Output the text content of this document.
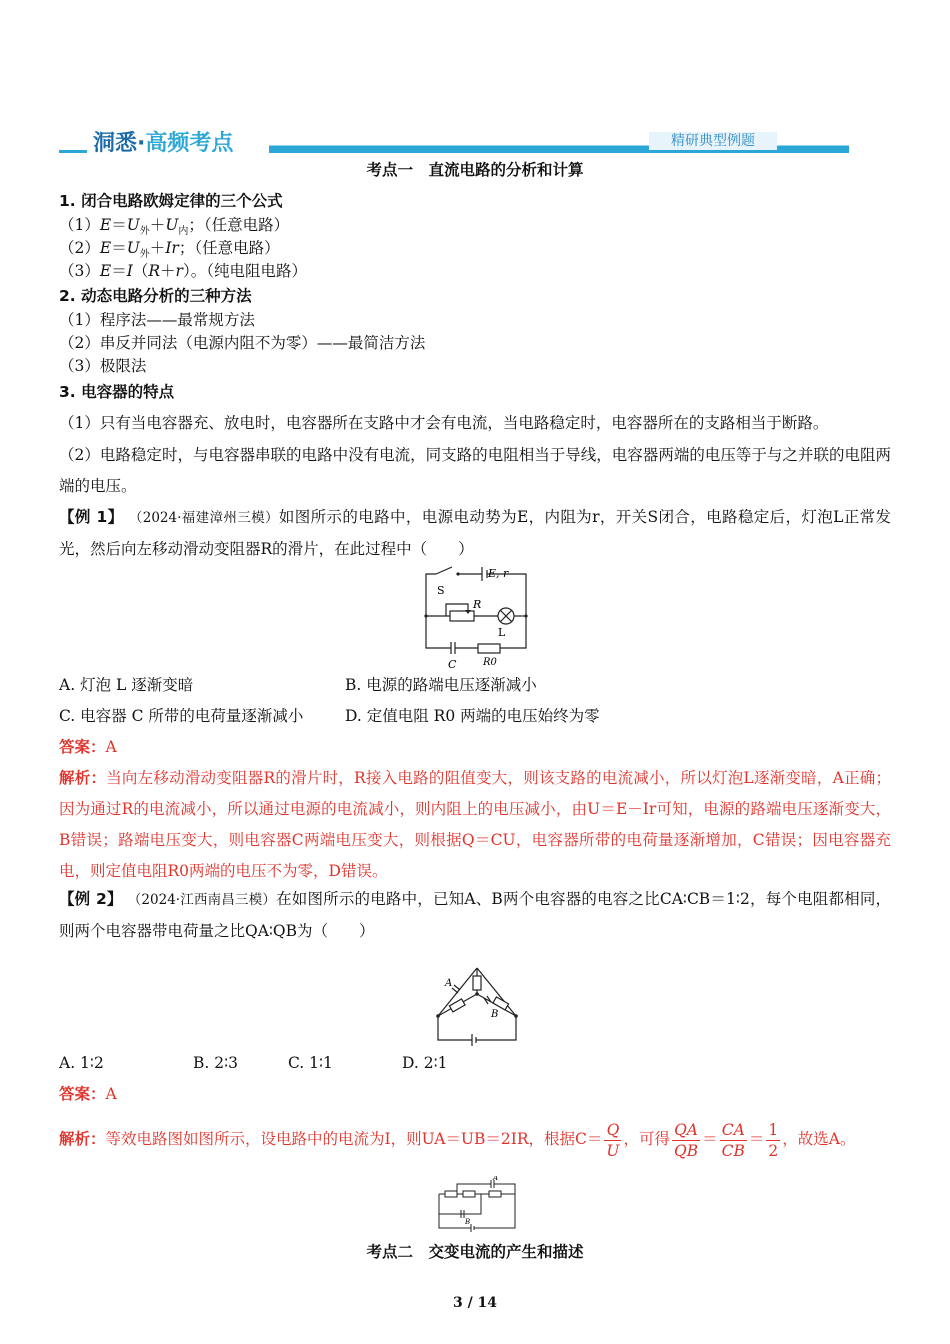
洞悉·高频考点	精研典型例题
考点一　直流电路的分析和计算
1. 闭合电路欧姆定律的三个公式
$(1)E=U_外+U_内$；（任意电路）
$(2)E=U_外+Ir$；（任意电路）
（3）E＝I（R＋r）。（纯电阻电路）
2. 动态电路分析的三种方法
（1）程序法——最常规方法
（2）串反并同法（电源内阻不为零）——最简洁方法
（3）极限法
3. 电容器的特点
（1）只有当电容器充、放电时，电容器所在支路中才会有电流，当电路稳定时，电容器所在的支路相当于断路。
（2）电路稳定时，与电容器串联的电路中没有电流，同支路的电阻相当于导线，电容器两端的电压等于与之并联的电阻两端的电压。
【例 1】 （2024·福建漳州三模）如图所示的电路中，电源电动势为E，内阻为r，开关S闭合，电路稳定后，灯泡L正常发光，然后向左移动滑动变阻器R的滑片，在此过程中（　　）
E, r
S
R
L
C	R0
A. 灯泡 L 逐渐变暗	B. 电源的路端电压逐渐减小
C. 电容器 C 所带的电荷量逐渐减小	D. 定值电阻 R0 两端的电压始终为零
答案：A
解析：当向左移动滑动变阻器R的滑片时，R接入电路的阻值变大，则该支路的电流减小，所以灯泡L逐渐变暗，A正确；因为通过R的电流减小，所以通过电源的电流减小，则内阻上的电压减小，由U＝E－Ir可知，电源的路端电压逐渐变大，B错误；路端电压变大，则电容器C两端电压变大，则根据Q＝CU，电容器所带的电荷量逐渐增加，C错误；因电容器充电，则定值电阻R0两端的电压不为零，D错误。
【例 2】 （2024·江西南昌三模）在如图所示的电路中，已知A、B两个电容器的电容之比CA∶CB＝1∶2，每个电阻都相同，则两个电容器带电荷量之比QA∶QB为（　　）
A
B
A. 1∶2	B. 2∶3	C. 1∶1	D. 2∶1
答案：A
解析：等效电路图如图所示，设电路中的电流为I，则UA＝UB＝2IR，根据$C= \frac{Q}{U}$ ，可得 $\frac{QA}{QB} = \frac{CA}{CB} = \frac{1}{2}$ ，故选A。
A
B
考点二　交变电流的产生和描述
3 / 14
